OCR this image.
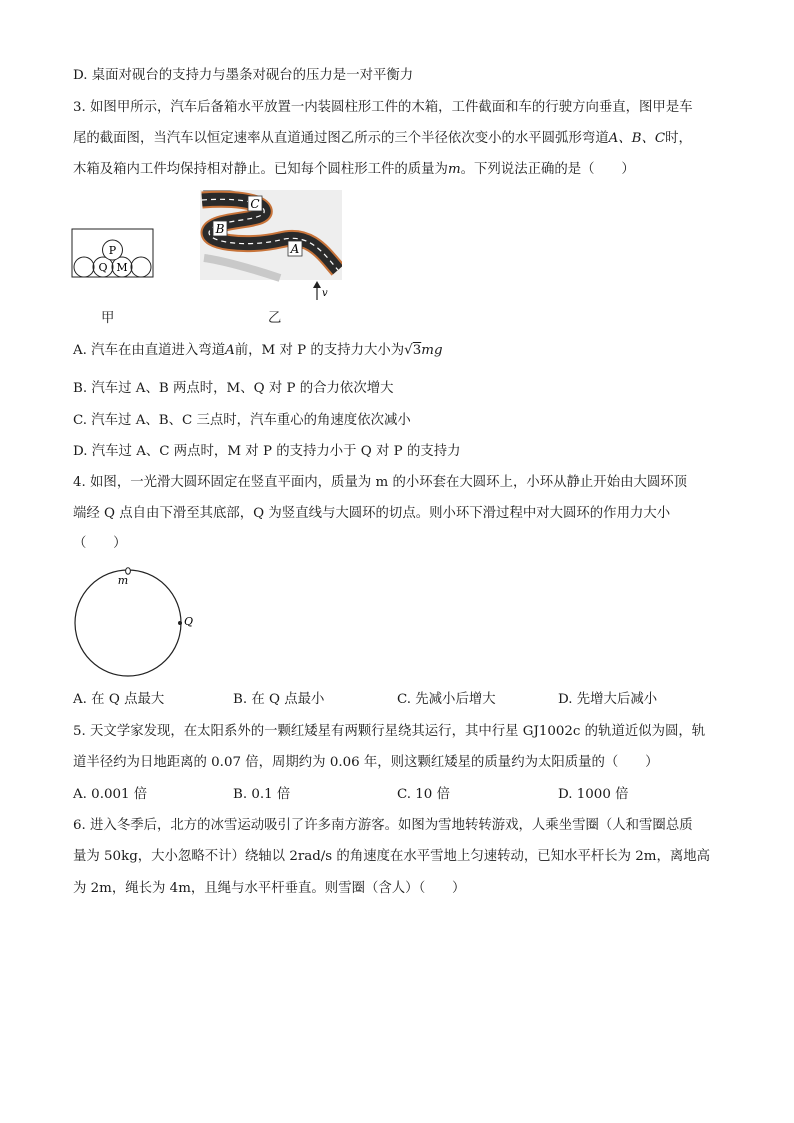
D. 桌面对砚台的支持力与墨条对砚台的压力是一对平衡力
3. 如图甲所示，汽车后备箱水平放置一内装圆柱形工件的木箱，工件截面和车的行驶方向垂直，图甲是车
尾的截面图，当汽车以恒定速率从直道通过图乙所示的三个半径依次变小的水平圆弧形弯道A、B、C时，
木箱及箱内工件均保持相对静止。已知每个圆柱形工件的质量为m。下列说法正确的是（　　）
P
Q M
甲
C
B
A
v
乙
A. 汽车在由直道进入弯道A前，M 对 P 的支持力大小为√3mg
B. 汽车过 A、B 两点时，M、Q 对 P 的合力依次增大
C. 汽车过 A、B、C 三点时，汽车重心的角速度依次减小
D. 汽车过 A、C 两点时，M 对 P 的支持力小于 Q 对 P 的支持力
4. 如图，一光滑大圆环固定在竖直平面内，质量为 m 的小环套在大圆环上，小环从静止开始由大圆环顶
端经 Q 点自由下滑至其底部，Q 为竖直线与大圆环的切点。则小环下滑过程中对大圆环的作用力大小
（　　）
m
Q
A. 在 Q 点最大	B. 在 Q 点最小	C. 先减小后增大	D. 先增大后减小
5. 天文学家发现，在太阳系外的一颗红矮星有两颗行星绕其运行，其中行星 GJ1002c 的轨道近似为圆，轨
道半径约为日地距离的 0.07 倍，周期约为 0.06 年，则这颗红矮星的质量约为太阳质量的（　　）
A. 0.001 倍	B. 0.1 倍	C. 10 倍	D. 1000 倍
6. 进入冬季后，北方的冰雪运动吸引了许多南方游客。如图为雪地转转游戏，人乘坐雪圈（人和雪圈总质
量为 50kg，大小忽略不计）绕轴以 2rad/s 的角速度在水平雪地上匀速转动，已知水平杆长为 2m，离地高
为 2m，绳长为 4m，且绳与水平杆垂直。则雪圈（含人）（　　）
